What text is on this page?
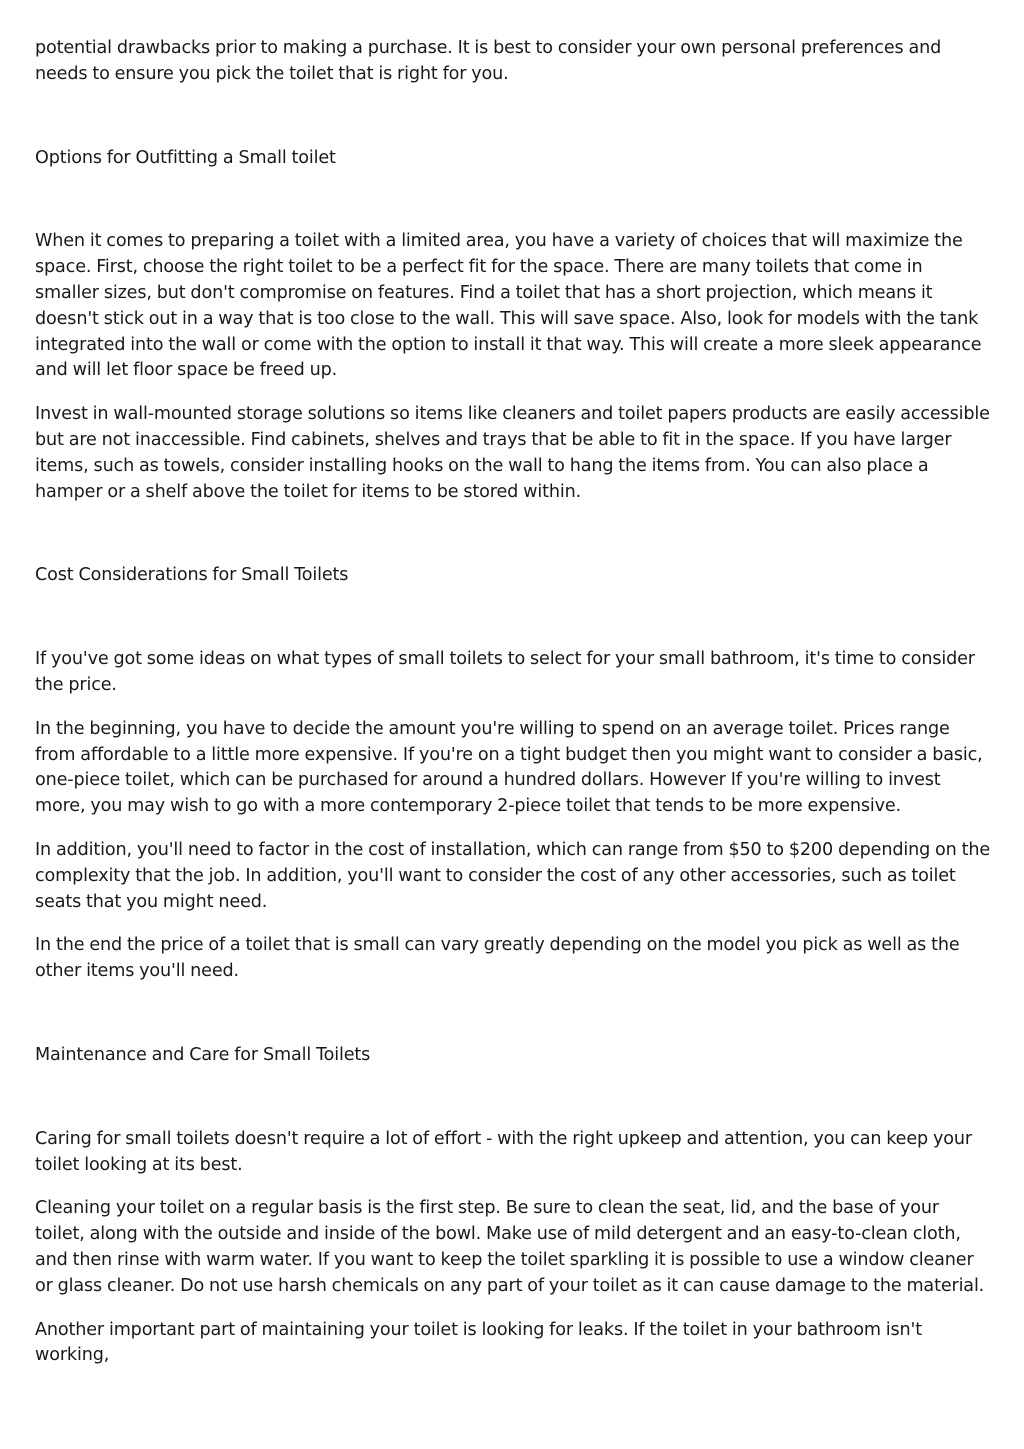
potential drawbacks prior to making a purchase. It is best to consider your own personal preferences and needs to ensure you pick the toilet that is right for you.

Options for Outfitting a Small toilet

When it comes to preparing a toilet with a limited area, you have a variety of choices that will maximize the space. First, choose the right toilet to be a perfect fit for the space. There are many toilets that come in smaller sizes, but don't compromise on features. Find a toilet that has a short projection, which means it doesn't stick out in a way that is too close to the wall. This will save space. Also, look for models with the tank integrated into the wall or come with the option to install it that way. This will create a more sleek appearance and will let floor space be freed up.

Invest in wall-mounted storage solutions so items like cleaners and toilet papers products are easily accessible but are not inaccessible. Find cabinets, shelves and trays that be able to fit in the space. If you have larger items, such as towels, consider installing hooks on the wall to hang the items from. You can also place a hamper or a shelf above the toilet for items to be stored within.

Cost Considerations for Small Toilets

If you've got some ideas on what types of small toilets to select for your small bathroom, it's time to consider the price.

In the beginning, you have to decide the amount you're willing to spend on an average toilet. Prices range from affordable to a little more expensive. If you're on a tight budget then you might want to consider a basic, one-piece toilet, which can be purchased for around a hundred dollars. However If you're willing to invest more, you may wish to go with a more contemporary 2-piece toilet that tends to be more expensive.

In addition, you'll need to factor in the cost of installation, which can range from $50 to $200 depending on the complexity that the job. In addition, you'll want to consider the cost of any other accessories, such as toilet seats that you might need.

In the end the price of a toilet that is small can vary greatly depending on the model you pick as well as the other items you'll need.

Maintenance and Care for Small Toilets

Caring for small toilets doesn't require a lot of effort - with the right upkeep and attention, you can keep your toilet looking at its best.

Cleaning your toilet on a regular basis is the first step. Be sure to clean the seat, lid, and the base of your toilet, along with the outside and inside of the bowl. Make use of mild detergent and an easy-to-clean cloth, and then rinse with warm water. If you want to keep the toilet sparkling it is possible to use a window cleaner or glass cleaner. Do not use harsh chemicals on any part of your toilet as it can cause damage to the material.

Another important part of maintaining your toilet is looking for leaks. If the toilet in your bathroom isn't working,
